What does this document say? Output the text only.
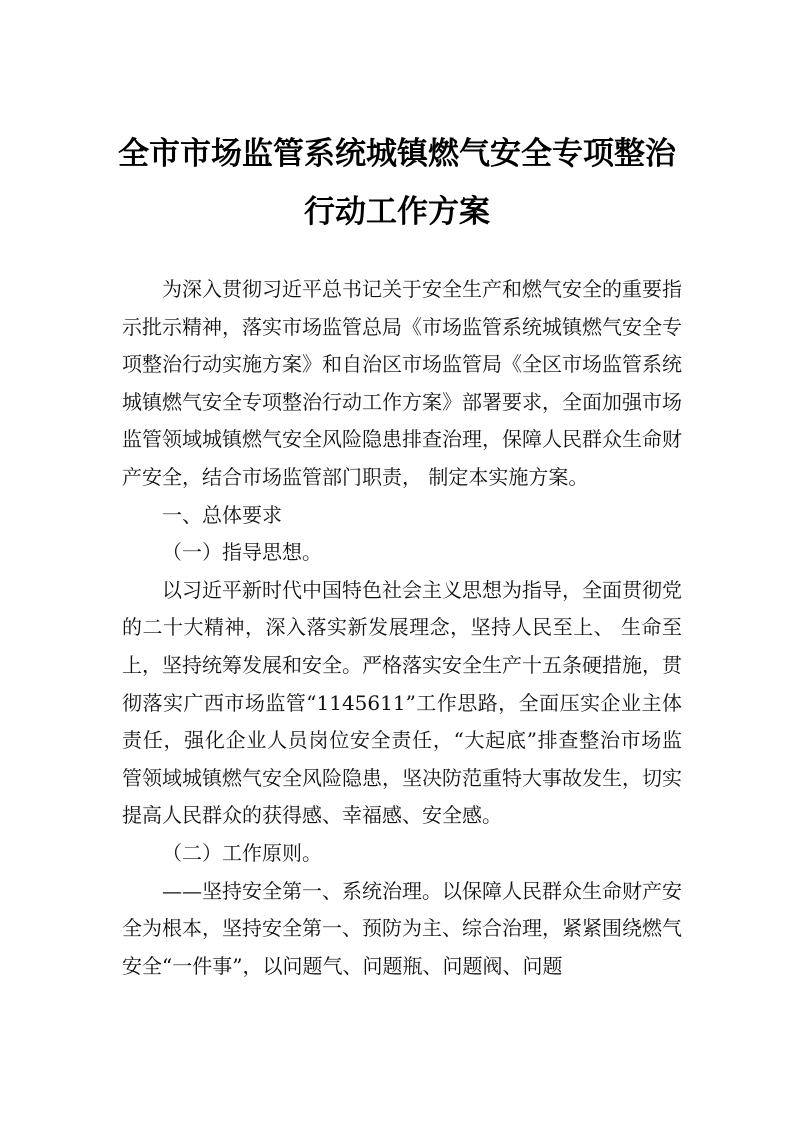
全市市场监管系统城镇燃气安全专项整治
行动工作方案

为深入贯彻习近平总书记关于安全生产和燃气安全的重要指示批示精神，落实市场监管总局《市场监管系统城镇燃气安全专项整治行动实施方案》和自治区市场监管局《全区市场监管系统城镇燃气安全专项整治行动工作方案》部署要求，全面加强市场监管领域城镇燃气安全风险隐患排查治理，保障人民群众生命财产安全，结合市场监管部门职责， 制定本实施方案。

一、总体要求

（一）指导思想。

以习近平新时代中国特色社会主义思想为指导，全面贯彻党的二十大精神，深入落实新发展理念，坚持人民至上、 生命至上，坚持统筹发展和安全。严格落实安全生产十五条硬措施，贯彻落实广西市场监管“1145611”工作思路，全面压实企业主体责任，强化企业人员岗位安全责任，“大起底”排查整治市场监管领域城镇燃气安全风险隐患，坚决防范重特大事故发生，切实提高人民群众的获得感、幸福感、安全感。

（二）工作原则。

——坚持安全第一、系统治理。以保障人民群众生命财产安全为根本，坚持安全第一、预防为主、综合治理，紧紧围绕燃气安全“一件事”，以问题气、问题瓶、问题阀、问题
